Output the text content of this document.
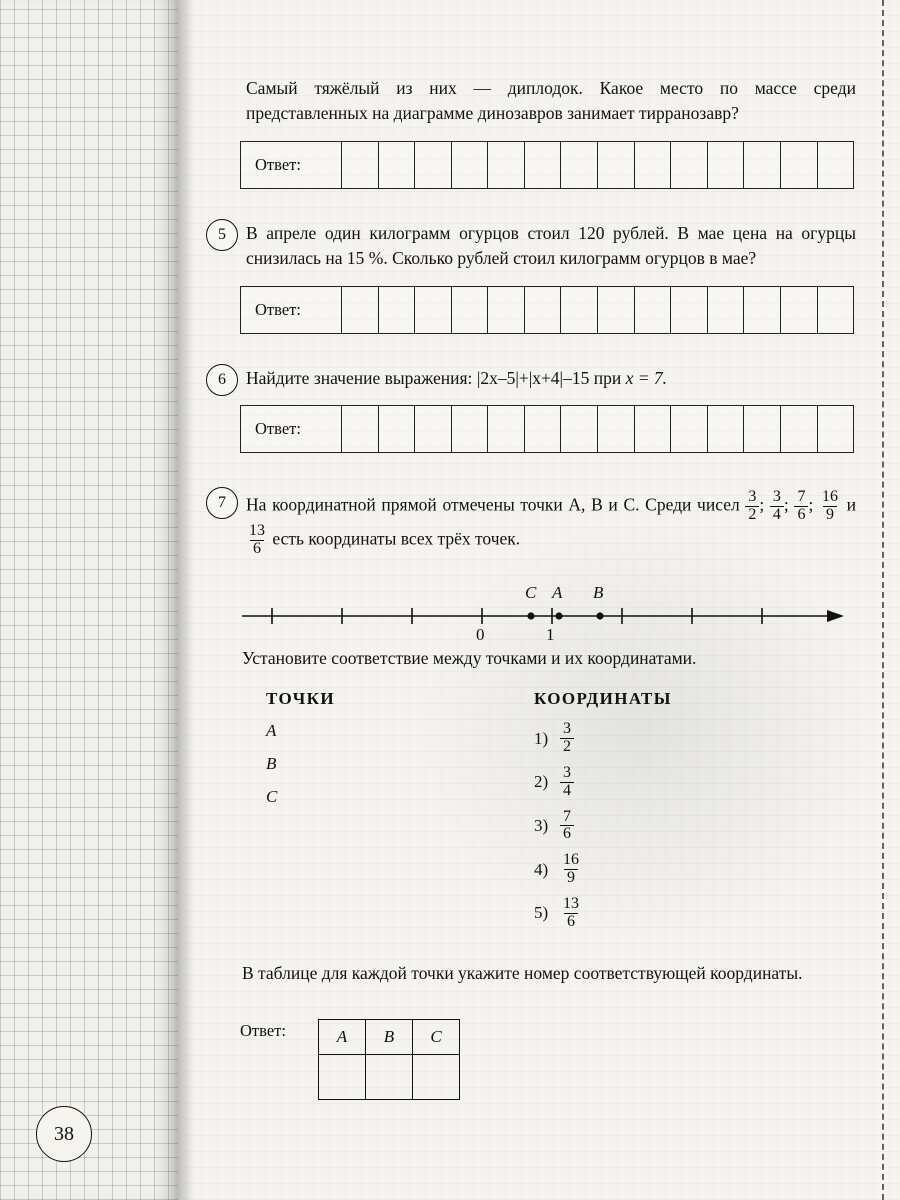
Самый тяжёлый из них — диплодок. Какое место по массе среди представленных на диаграмме динозавров занимает тирранозавр?
Ответ:
5	В апреле один килограмм огурцов стоил 120 рублей. В мае цена на огурцы снизилась на 15 %. Сколько рублей стоил килограмм огурцов в мае?
Ответ:
6	Найдите значение выражения: |2x–5|+|x+4|–15 при x = 7.
Ответ:
7	На координатной прямой отмечены точки A, B и C. Среди чисел $\frac{3}{2}$ ; $\frac{3}{4}$ ; $\frac{7}{6}$ ; $\frac{16}{9}$ и
$\frac{13}{6}$ есть координаты всех трёх точек.
C A B
0	1
Установите соответствие между точками и их координатами.
ТОЧКИ
A
B
C
КООРДИНАТЫ
$1) \frac{3}{2}$
$2) \frac{3}{4}$
$3) \frac{7}{6}$
$4) \frac{16}{9}$
$5) \frac{13}{6}$
В таблице для каждой точки укажите номер соответствующей координаты.
Ответ:	A	B	C

38
